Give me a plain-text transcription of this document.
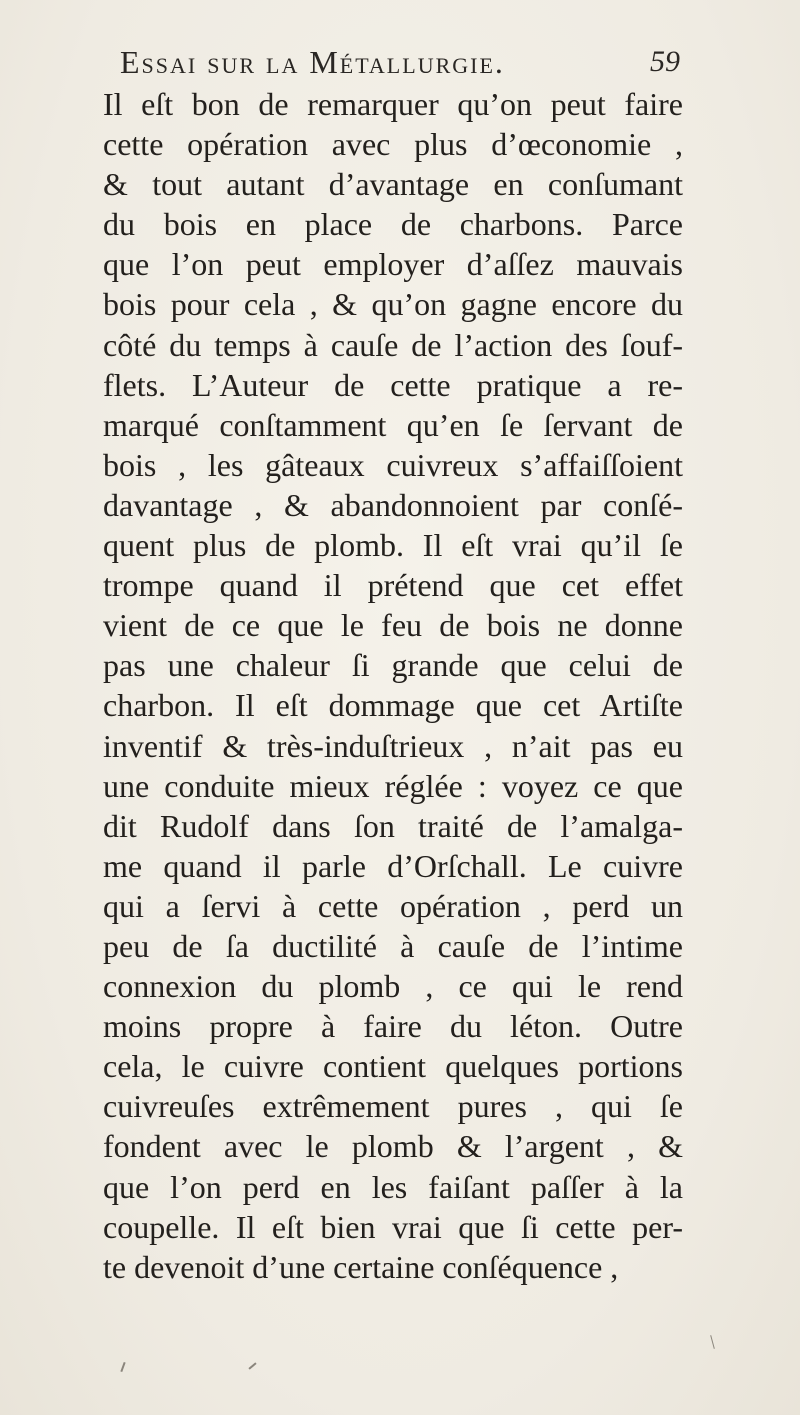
Essai sur la Métallurgie.	59
Il eſt bon de remarquer qu’on peut faire
cette opération avec plus d’œconomie ,
& tout autant d’avantage en conſumant
du bois en place de charbons. Parce
que l’on peut employer d’aſſez mauvais
bois pour cela , & qu’on gagne encore du
côté du temps à cauſe de l’action des ſouf-
flets. L’Auteur de cette pratique a re-
marqué conſtamment qu’en ſe ſervant de
bois , les gâteaux cuivreux s’affaiſſoient
davantage , & abandonnoient par conſé-
quent plus de plomb. Il eſt vrai qu’il ſe
trompe quand il prétend que cet effet
vient de ce que le feu de bois ne donne
pas une chaleur ſi grande que celui de
charbon. Il eſt dommage que cet Artiſte
inventif & très-induſtrieux , n’ait pas eu
une conduite mieux réglée : voyez ce que
dit Rudolf dans ſon traité de l’amalga-
me quand il parle d’Orſchall. Le cuivre
qui a ſervi à cette opération , perd un
peu de ſa ductilité à cauſe de l’intime
connexion du plomb , ce qui le rend
moins propre à faire du léton. Outre
cela, le cuivre contient quelques portions
cuivreuſes extrêmement pures , qui ſe
fondent avec le plomb & l’argent , &
que l’on perd en les faiſant paſſer à la
coupelle. Il eſt bien vrai que ſi cette per-
te devenoit d’une certaine conſéquence ,
